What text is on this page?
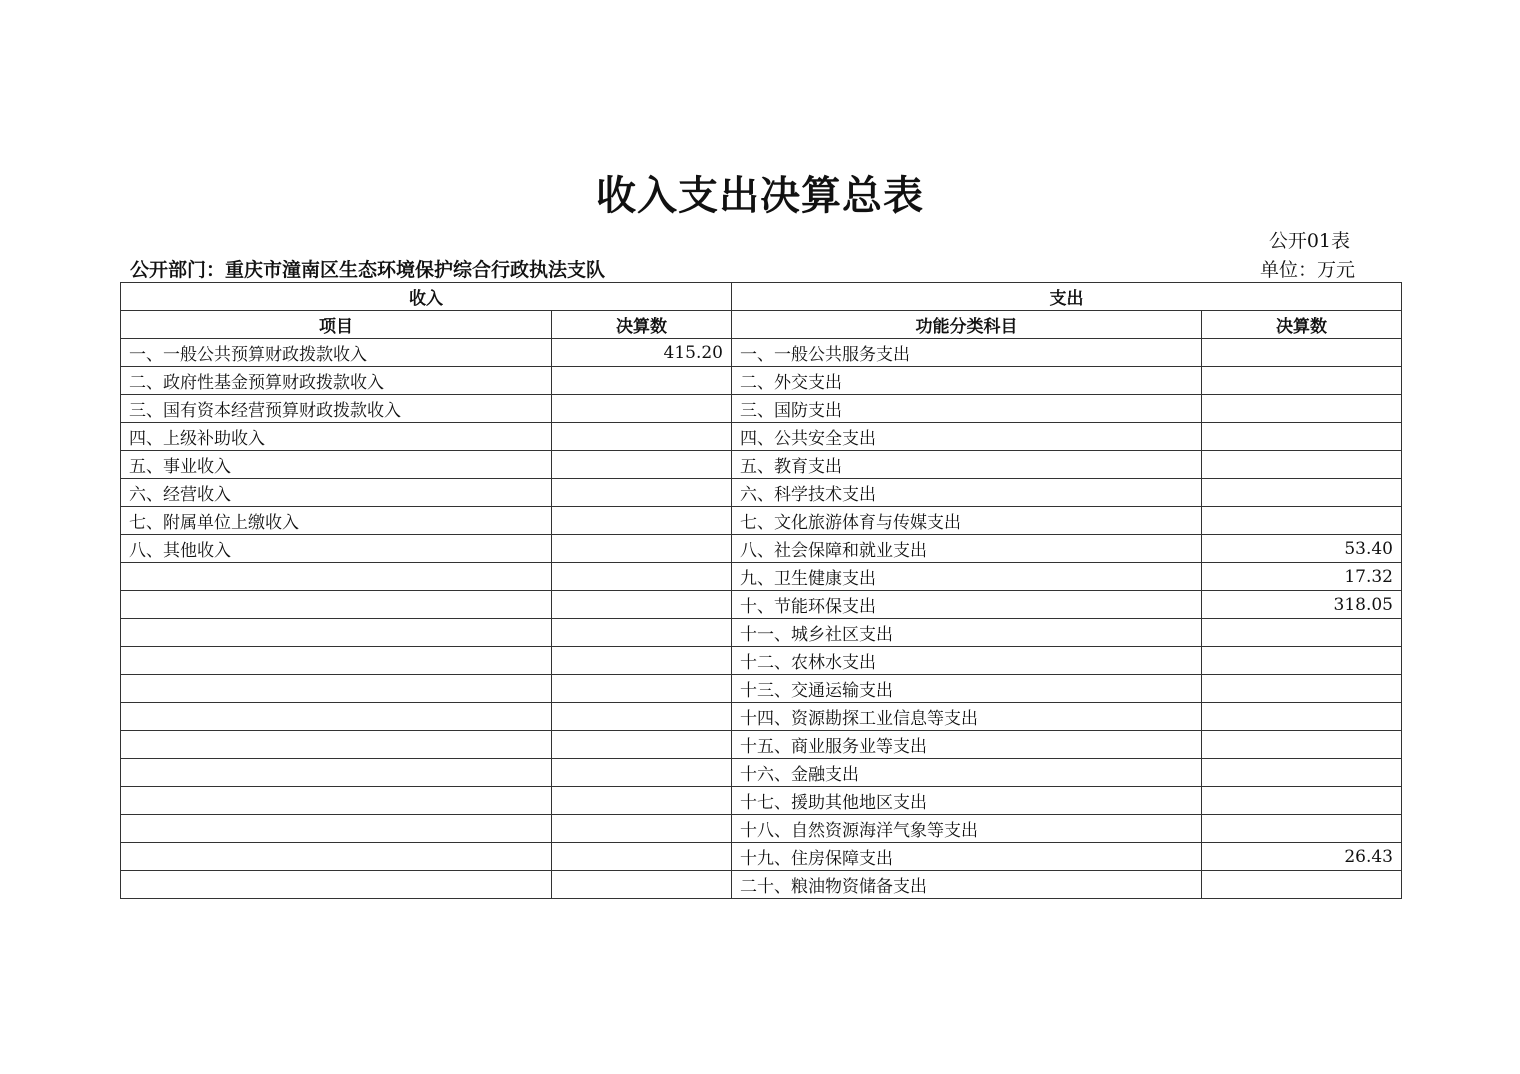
收入支出决算总表
公开01表
公开部门：重庆市潼南区生态环境保护综合行政执法支队	单位：万元
收入		支出	
项目	决算数	功能分类科目	决算数
一、一般公共预算财政拨款收入	415.20	一、一般公共服务支出	
二、政府性基金预算财政拨款收入		二、外交支出	
三、国有资本经营预算财政拨款收入		三、国防支出	
四、上级补助收入		四、公共安全支出	
五、事业收入		五、教育支出	
六、经营收入		六、科学技术支出	
七、附属单位上缴收入		七、文化旅游体育与传媒支出	
八、其他收入		八、社会保障和就业支出	53.40
		九、卫生健康支出	17.32
		十、节能环保支出	318.05
		十一、城乡社区支出	
		十二、农林水支出	
		十三、交通运输支出	
		十四、资源勘探工业信息等支出	
		十五、商业服务业等支出	
		十六、金融支出	
		十七、援助其他地区支出	
		十八、自然资源海洋气象等支出	
		十九、住房保障支出	26.43
		二十、粮油物资储备支出	
